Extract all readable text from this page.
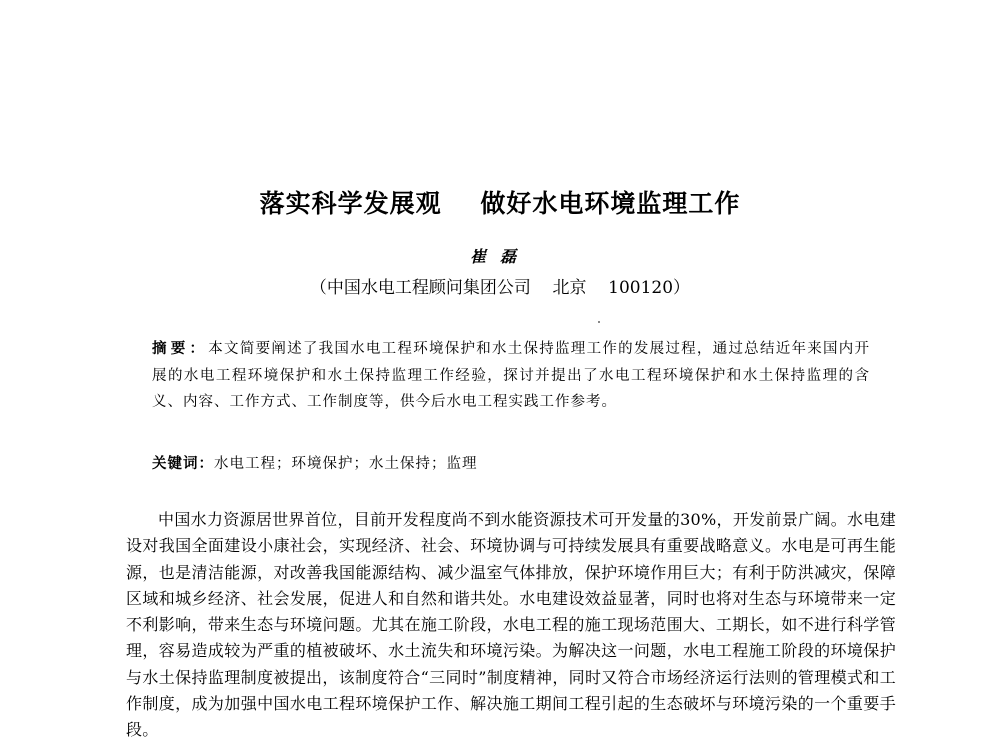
落实科学发展观    做好水电环境监理工作
崔磊
（中国水电工程顾问集团公司    北京    100120）
摘要：本文简要阐述了我国水电工程环境保护和水土保持监理工作的发展过程，通过总结近年来国内开展的水电工程环境保护和水土保持监理工作经验，探讨并提出了水电工程环境保护和水土保持监理的含义、内容、工作方式、工作制度等，供今后水电工程实践工作参考。
关键词：水电工程；环境保护；水土保持；监理
中国水力资源居世界首位，目前开发程度尚不到水能资源技术可开发量的30%，开发前景广阔。水电建设对我国全面建设小康社会，实现经济、社会、环境协调与可持续发展具有重要战略意义。水电是可再生能源，也是清洁能源，对改善我国能源结构、减少温室气体排放，保护环境作用巨大；有利于防洪减灾，保障区域和城乡经济、社会发展，促进人和自然和谐共处。水电建设效益显著，同时也将对生态与环境带来一定不利影响，带来生态与环境问题。尤其在施工阶段，水电工程的施工现场范围大、工期长，如不进行科学管理，容易造成较为严重的植被破坏、水土流失和环境污染。为解决这一问题，水电工程施工阶段的环境保护与水土保持监理制度被提出，该制度符合“三同时”制度精神，同时又符合市场经济运行法则的管理模式和工作制度，成为加强中国水电工程环境保护工作、解决施工期间工程引起的生态破坏与环境污染的一个重要手段。
